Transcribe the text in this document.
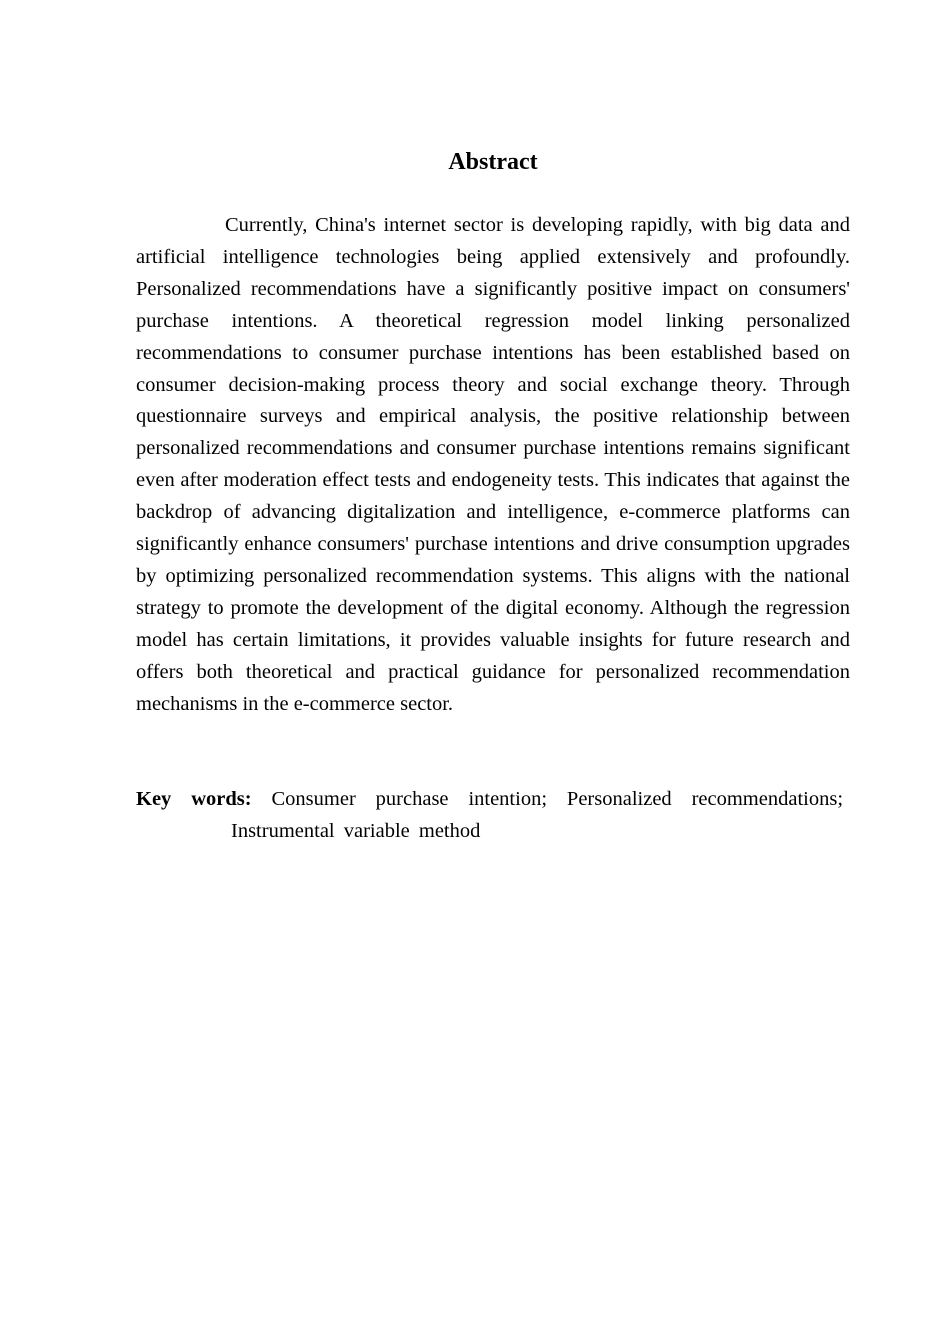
Abstract

Currently, China's internet sector is developing rapidly, with big data and artificial intelligence technologies being applied extensively and profoundly. Personalized recommendations have a significantly positive impact on consumers' purchase intentions. A theoretical regression model linking personalized recommendations to consumer purchase intentions has been established based on consumer decision-making process theory and social exchange theory. Through questionnaire surveys and empirical analysis, the positive relationship between personalized recommendations and consumer purchase intentions remains significant even after moderation effect tests and endogeneity tests. This indicates that against the backdrop of advancing digitalization and intelligence, e-commerce platforms can significantly enhance consumers' purchase intentions and drive consumption upgrades by optimizing personalized recommendation systems. This aligns with the national strategy to promote the development of the digital economy. Although the regression model has certain limitations, it provides valuable insights for future research and offers both theoretical and practical guidance for personalized recommendation mechanisms in the e-commerce sector.

Key words: Consumer purchase intention; Personalized recommendations;
Instrumental variable method
